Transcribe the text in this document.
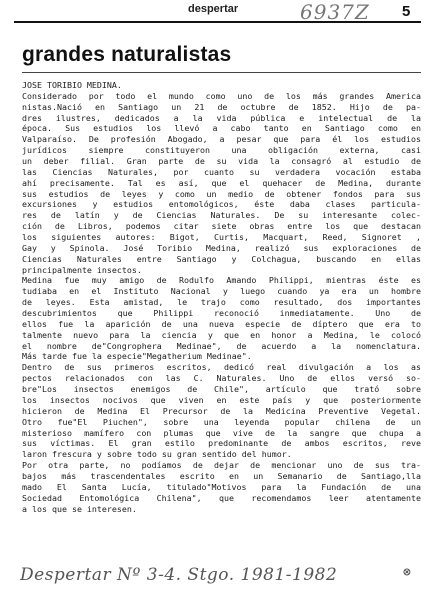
despertar	6937Z 5
grandes naturalistas
JOSE TORIBIO MEDINA.
Considerado por todo el mundo como uno de los más grandes America
nistas.Nació en Santiago un 21 de octubre de 1852. Hijo de pa-
dres ilustres, dedicados a la vida pública e intelectual de la
época. Sus estudios los llevó a cabo tanto en Santiago como en
Valparaíso. De profesión Abogado, a pesar que para él los estudios
jurídicos siempre constituyeron una obligación externa, casi
un deber filial. Gran parte de su vida la consagró al estudio de
las Ciencias Naturales, por cuanto su verdadera vocación estaba
ahí precisamente. Tal es así, que el quehacer de Medina, durante
sus estudios de leyes y como un medio de obtener fondos para sus
excursiones y estudios entomológicos, éste daba clases particula-
res de latín y de Ciencias Naturales. De su interesante colec-
ción de Libros, podemos citar siete obras entre los que destacan
los siguientes autores: Bigot, Curtis, Macquart, Reed, Signoret ,
Gay y Spinola. José Toribio Medina, realizó sus exploraciones de
Ciencias Naturales entre Santiago y Colchagua, buscando en ellas
principalmente insectos.
Medina fue muy amigo de Rodulfo Amando Philippi, mientras éste es
tudiaba en el Instituto Nacional y luego cuando ya era un hombre
de leyes. Esta amistad, le trajo como resultado, dos importantes
descubrimientos que Philippi reconoció inmediatamente. Uno de
ellos fue la aparición de una nueva especie de díptero que era to
talmente nuevo para la ciencia y que en honor a Medina, le colocó
el nombre de"Congrophera Medinae", de acuerdo a la nomenclatura.
Más tarde fue la especie"Megatherium Medinae".
Dentro de sus primeros escritos, dedicó real divulgación a los as
pectos relacionados con las C. Naturales. Uno de ellos versó so-
bre"Los insectos enemigos de Chile", artículo que trató sobre
los insectos nocivos que viven en este país y que posteriormente
hicieron de Medina El Precursor de la Medicina Preventive Vegetal.
Otro fue"El Piuchen", sobre una leyenda popular chilena de un
misterioso mamífero con plumas que vive de la sangre que chupa a
sus víctimas. El gran estilo predominante de ambos escritos, reve
laron frescura y sobre todo su gran sentido del humor.
Por otra parte, no podíamos de dejar de mencionar uno de sus tra-
bajos más trascendentales escrito en un Semanario de Santiago,lla
mado El Santa Lucía, titulado"Motivos para la Fundación de una
Sociedad Entomológica Chilena", que recomendamos leer atentamente
a los que se interesen.
Despertar Nº 3-4. Stgo. 1981-1982	⊗
